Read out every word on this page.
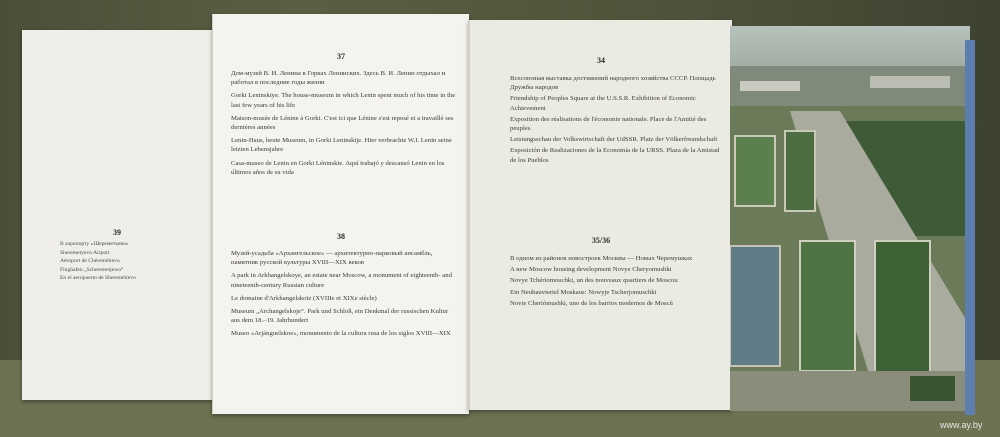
39
В аэропорту «Шереметьево»
Sheremetyevo Airport
Aéroport de Chéremétievo
Flughafen „Scheremetjewo“
En el aeropuerto de Sheremétievo
37

Дом-музей В. И. Ленина в Горках Ленинских. Здесь В. И. Ленин отдыхал и работал в последние годы жизни

Gorki Leninskiye. The house-museum in which Lenin spent much of his time in the last few years of his life

Maison-musée de Lénine à Gorki. C'est ici que Lénine s'est reposé et a travaillé ses dernières années

Lenin-Haus, heute Museum, in Gorki Leninskije. Hier verbrachte W.I. Lenin seine letzten Lebensjahre

Casa-museo de Lenin en Gorki Léninskie. Aquí trabajó y descansó Lenin en los últimos años de su vida

38

Музей-усадьба «Архангельское» — архитектурно-парковый ансамбль, памятник русской культуры XVIII—XIX веков

A park in Arkhangelskoye, an estate near Moscow, a monument of eighteenth- and nineteenth-century Russian culture

Le domaine d'Arkhangelskoïe (XVIIIe et XIXe siècle)

Museum „Archangelskoje“. Park und Schloß, ein Denkmal der russischen Kultur aus dem 18.–19. Jahrhundert

Museo «Arjánguelskoe», monumento de la cultura rusa de los siglos XVIII—XIX

34

Всесоюзная выставка достижений народного хозяйства СССР. Площадь Дружбы народов

Friendship of Peoples Square at the U.S.S.R. Exhibition of Economic Achievement

Exposition des réalisations de l'économie nationale. Place de l'Amitié des peuples

Leistungsschau der Volkswirtschaft der UdSSR. Platz der Völkerfreundschaft

Exposición de Realizaciones de la Economía de la URSS. Plaza de la Amistad de los Pueblos

35/36

В одном из районов новостроек Москвы — Новых Черемушках

A new Moscow housing development Novye Cheryomushki

Novye Tchériomouchki, un des nouveaux quartiers de Moscou

Ein Neubauviertel Moskaus: Nowyje Tscherjomuschki

Novie Cheriómushki, uno de los barrios modernos de Moscú

www.ay.by
